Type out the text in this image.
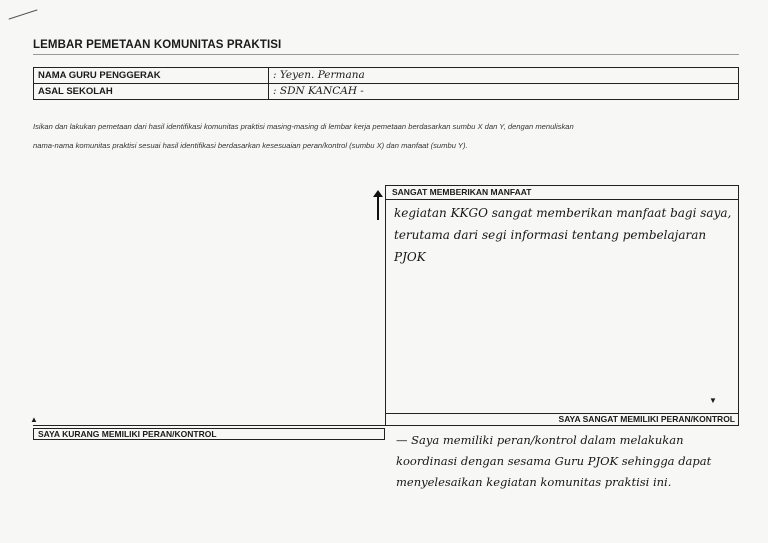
LEMBAR PEMETAAN KOMUNITAS PRAKTISI
NAMA GURU PENGGERAK	: Yeyen. Permana
ASAL SEKOLAH	: SDN KANCAH -
Isikan dan lakukan pemetaan dari hasil identifikasi komunitas praktisi masing-masing di lembar kerja pemetaan berdasarkan sumbu X dan Y, dengan menuliskan
nama-nama komunitas praktisi sesuai hasil identifikasi berdasarkan kesesuaian peran/kontrol (sumbu X) dan manfaat (sumbu Y).
SANGAT MEMBERIKAN MANFAAT
kegiatan KKGO sangat memberikan manfaat bagi saya, terutama dari segi informasi tentang pembelajaran PJOK
▼
SAYA SANGAT MEMILIKI PERAN/KONTROL
▲
SAYA KURANG MEMILIKI PERAN/KONTROL	— Saya memiliki peran/kontrol dalam melakukan koordinasi dengan sesama Guru PJOK sehingga dapat menyelesaikan kegiatan komunitas praktisi ini.
